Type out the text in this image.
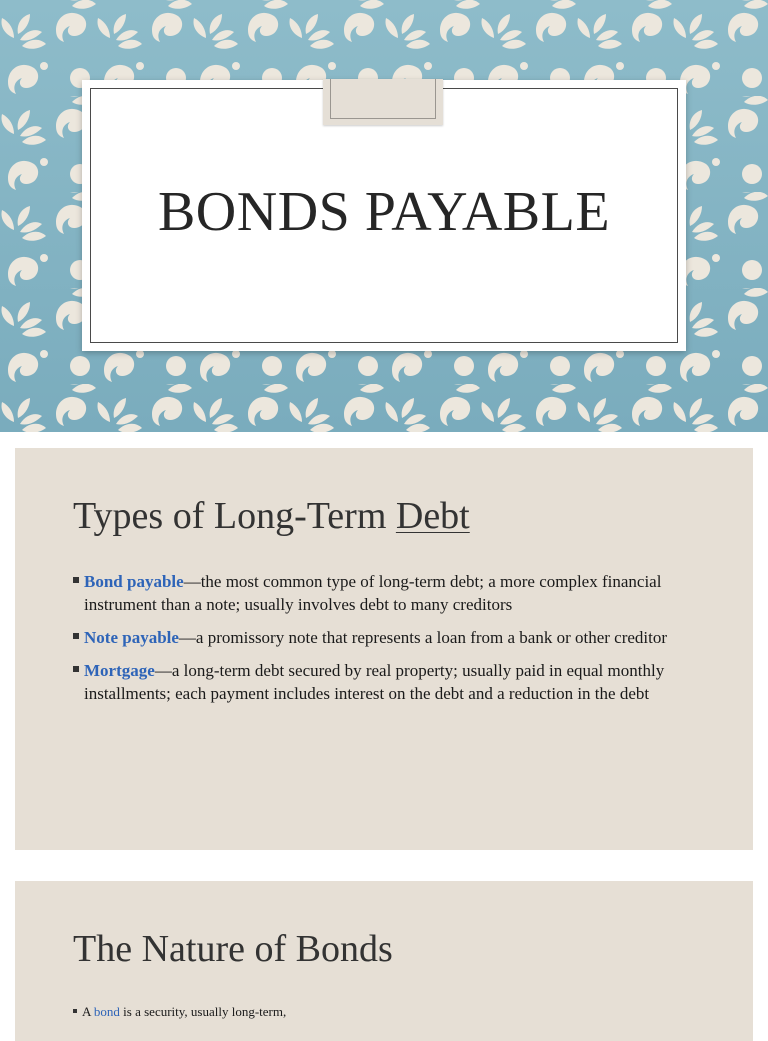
BONDS PAYABLE
Types of Long-Term Debt
Bond payable—the most common type of long-term debt; a more complex financial instrument than a note; usually involves debt to many creditors
Note payable—a promissory note that represents a loan from a bank or other creditor
Mortgage—a long-term debt secured by real property; usually paid in equal monthly installments; each payment includes interest on the debt and a reduction in the debt
The Nature of Bonds
A bond is a security, usually long-term,
